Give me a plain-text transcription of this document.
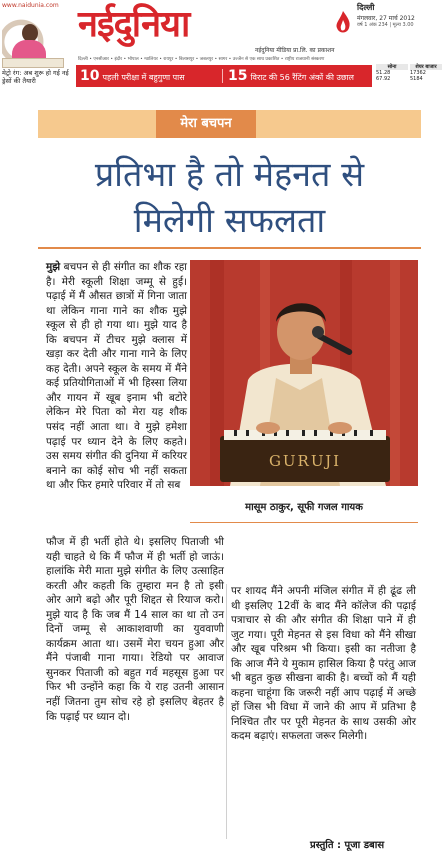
www.naidunia.com
मेट्रो रंग: अब शुरू हो गई नई ड्रेसों की तैयारी
नईदुनिया
नईदुनिया मीडिया प्रा.लि. का प्रकाशन
दिल्ली
मंगलवार, 27 मार्च 2012
वर्ष 1 अंक 234 | मूल्य 3.00
दिल्ली • एनसीआर • इंदौर • भोपाल • ग्वालियर • रायपुर • बिलासपुर • जबलपुर • सागर • उज्जैन से एक साथ प्रकाशित • राष्ट्रीय राजधानी संस्करण
10 पहली परीक्षा में बहुगुणा पास	15 विराट की 56 रैंटिंग अंकों की उछाल
सोना
51.28
67.92
शेयर बाजार
17362
5184
मेरा बचपन
प्रतिभा है तो मेहनत से
मिलेगी सफलता
मुझे बचपन से ही संगीत का शौक रहा है। मेरी स्कूली शिक्षा जम्मू से हुई। पढ़ाई में मैं औसत छात्रों में गिना जाता था लेकिन गाना गाने का शौक मुझे स्कूल से ही हो गया था। मुझे याद है कि बचपन में टीचर मुझे क्लास में खड़ा कर देती और गाना गाने के लिए कह देती। अपने स्कूल के समय में मैंने कई प्रतियोगिताओं में भी हिस्सा लिया और गायन में खूब इनाम भी बटोरे लेकिन मेरे पिता को मेरा यह शौक पसंद नहीं आता था। वे मुझे हमेशा पढ़ाई पर ध्यान देने के लिए कहते। उस समय संगीत की दुनिया में करियर बनाने का कोई सोच भी नहीं सकता था और फिर हमारे परिवार में तो सब
GURUJI
मासूम ठाकुर, सूफी गजल गायक
फौज में ही भर्ती होते थे। इसलिए पिताजी भी यही चाहते थे कि मैं फौज में ही भर्ती हो जाऊं। हालांकि मेरी माता मुझे संगीत के लिए उत्साहित करती और कहती कि तुम्हारा मन है तो इसी ओर आगे बढ़ो और पूरी शिद्दत से रियाज करो। मुझे याद है कि जब मैं 14 साल का था तो उन दिनों जम्मू से आकाशवाणी का युववाणी कार्यक्रम आता था। उसमें मेरा चयन हुआ और मैंने पंजाबी गाना गाया। रेडियो पर आवाज सुनकर पिताजी को बहुत गर्व महसूस हुआ पर फिर भी उन्होंने कहा कि ये राह उतनी आसान नहीं जितना तुम सोच रहे हो इसलिए बेहतर है कि पढ़ाई पर ध्यान दो।
पर शायद मैंने अपनी मंजिल संगीत में ही ढूंढ ली थी इसलिए 12वीं के बाद मैंने कॉलेज की पढ़ाई पत्राचार से की और संगीत की शिक्षा पाने में ही जुट गया। पूरी मेहनत से इस विधा को मैंने सीखा और खूब परिश्रम भी किया। इसी का नतीजा है कि आज मैंने ये मुकाम हासिल किया है परंतु आज भी बहुत कुछ सीखना बाकी है। बच्चों को मैं यही कहना चाहूंगा कि जरूरी नहीं आप पढ़ाई में अच्छे हों जिस भी विधा में जाने की आप में प्रतिभा है निश्चित तौर पर पूरी मेहनत के साथ उसकी ओर कदम बढ़ाएं। सफलता जरूर मिलेगी।
प्रस्तुति : पूजा डबास
